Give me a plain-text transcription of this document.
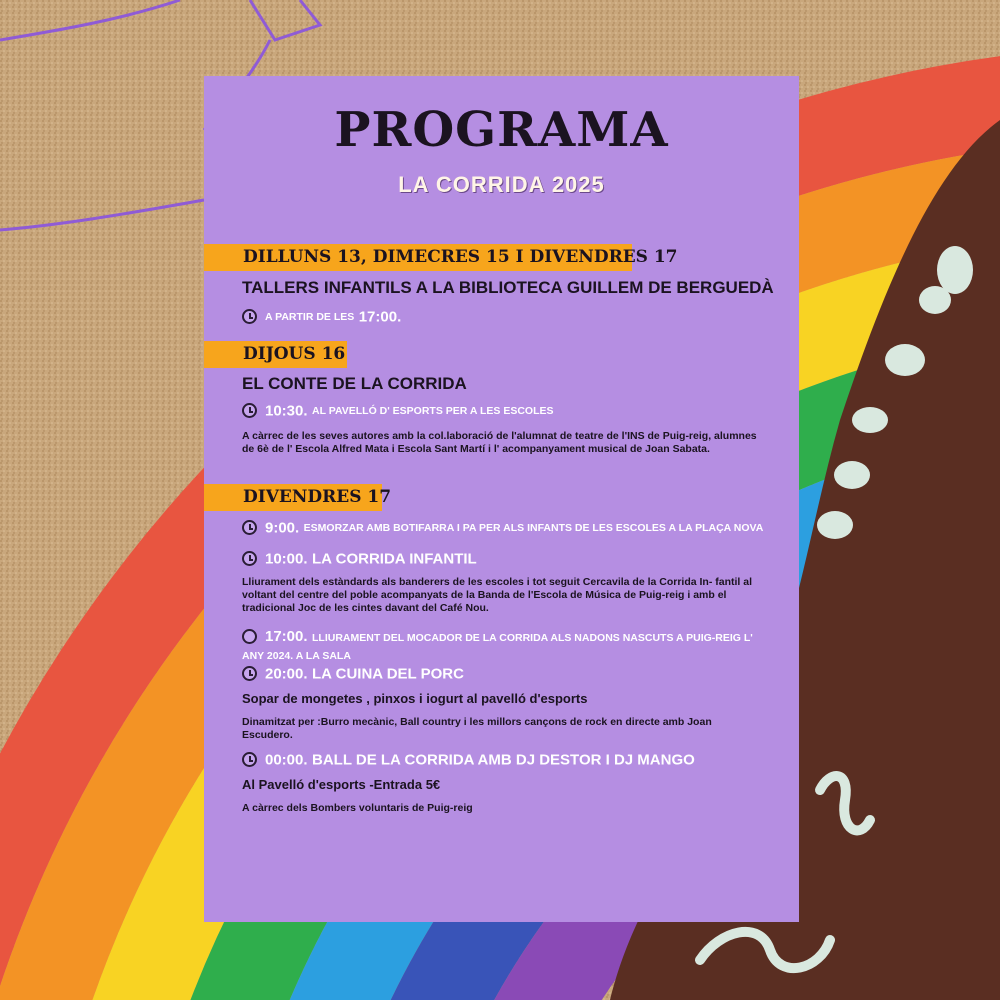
PROGRAMA
LA CORRIDA 2025
DILLUNS 13, DIMECRES 15 I DIVENDRES 17
TALLERS INFANTILS A LA BIBLIOTECA GUILLEM DE BERGUEDÀ
A PARTIR DE LES 17:00.
DIJOUS 16
EL CONTE DE LA CORRIDA
10:30. AL PAVELLÓ D' ESPORTS PER A LES ESCOLES

A càrrec de les seves autores amb la col.laboració de l'alumnat de teatre de l'INS de Puig-reig, alumnes de 6è de l' Escola Alfred Mata i Escola Sant Martí i l' acompanyament musical de Joan Sabata.

DIVENDRES 17
9:00. ESMORZAR AMB BOTIFARRA I PA PER ALS INFANTS DE LES ESCOLES A LA PLAÇA NOVA
10:00. LA CORRIDA INFANTIL

Lliurament dels estàndards als banderers de les escoles i tot seguit Cercavila de la Corrida In- fantil al voltant del centre del poble acompanyats de la Banda de l'Escola de Música de Puig-reig i amb el tradicional Joc de les cintes davant del Café Nou.

17:00. LLIURAMENT DEL MOCADOR DE LA CORRIDA ALS NADONS NASCUTS A PUIG-REIG L' ANY 2024. A LA SALA
20:00. LA CUINA DEL PORC
Sopar de mongetes , pinxos i iogurt al pavelló d'esports

Dinamitzat per :Burro mecànic, Ball country i les millors cançons de rock en directe amb Joan Escudero.

00:00. BALL DE LA CORRIDA AMB DJ DESTOR I DJ MANGO
Al Pavelló d'esports -Entrada 5€
A càrrec dels Bombers voluntaris de Puig-reig
